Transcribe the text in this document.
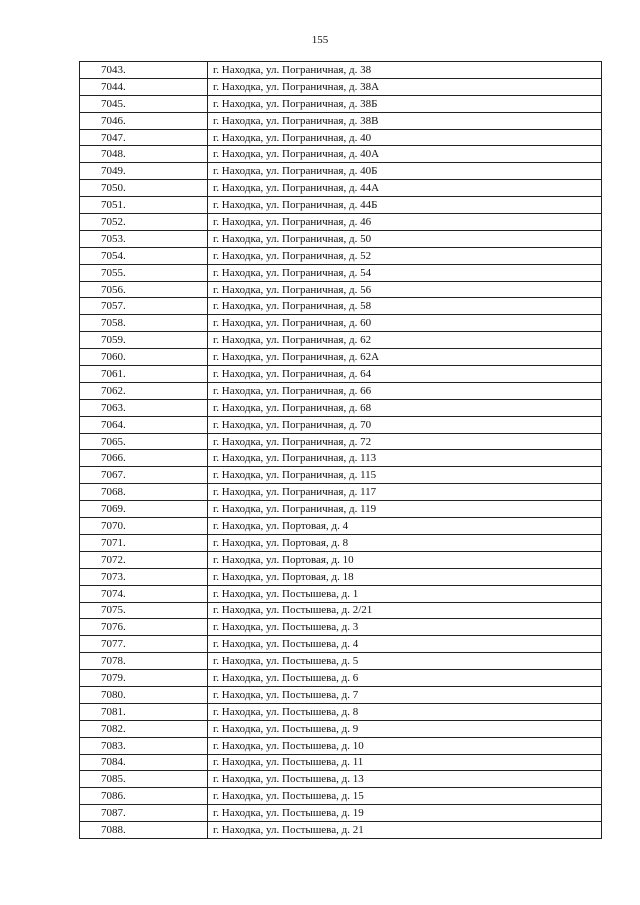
155
7043.	г. Находка, ул. Пограничная, д. 38
7044.	г. Находка, ул. Пограничная, д. 38А
7045.	г. Находка, ул. Пограничная, д. 38Б
7046.	г. Находка, ул. Пограничная, д. 38В
7047.	г. Находка, ул. Пограничная, д. 40
7048.	г. Находка, ул. Пограничная, д. 40А
7049.	г. Находка, ул. Пограничная, д. 40Б
7050.	г. Находка, ул. Пограничная, д. 44А
7051.	г. Находка, ул. Пограничная, д. 44Б
7052.	г. Находка, ул. Пограничная, д. 46
7053.	г. Находка, ул. Пограничная, д. 50
7054.	г. Находка, ул. Пограничная, д. 52
7055.	г. Находка, ул. Пограничная, д. 54
7056.	г. Находка, ул. Пограничная, д. 56
7057.	г. Находка, ул. Пограничная, д. 58
7058.	г. Находка, ул. Пограничная, д. 60
7059.	г. Находка, ул. Пограничная, д. 62
7060.	г. Находка, ул. Пограничная, д. 62А
7061.	г. Находка, ул. Пограничная, д. 64
7062.	г. Находка, ул. Пограничная, д. 66
7063.	г. Находка, ул. Пограничная, д. 68
7064.	г. Находка, ул. Пограничная, д. 70
7065.	г. Находка, ул. Пограничная, д. 72
7066.	г. Находка, ул. Пограничная, д. 113
7067.	г. Находка, ул. Пограничная, д. 115
7068.	г. Находка, ул. Пограничная, д. 117
7069.	г. Находка, ул. Пограничная, д. 119
7070.	г. Находка, ул. Портовая, д. 4
7071.	г. Находка, ул. Портовая, д. 8
7072.	г. Находка, ул. Портовая, д. 10
7073.	г. Находка, ул. Портовая, д. 18
7074.	г. Находка, ул. Постышева, д. 1
7075.	г. Находка, ул. Постышева, д. 2/21
7076.	г. Находка, ул. Постышева, д. 3
7077.	г. Находка, ул. Постышева, д. 4
7078.	г. Находка, ул. Постышева, д. 5
7079.	г. Находка, ул. Постышева, д. 6
7080.	г. Находка, ул. Постышева, д. 7
7081.	г. Находка, ул. Постышева, д. 8
7082.	г. Находка, ул. Постышева, д. 9
7083.	г. Находка, ул. Постышева, д. 10
7084.	г. Находка, ул. Постышева, д. 11
7085.	г. Находка, ул. Постышева, д. 13
7086.	г. Находка, ул. Постышева, д. 15
7087.	г. Находка, ул. Постышева, д. 19
7088.	г. Находка, ул. Постышева, д. 21
